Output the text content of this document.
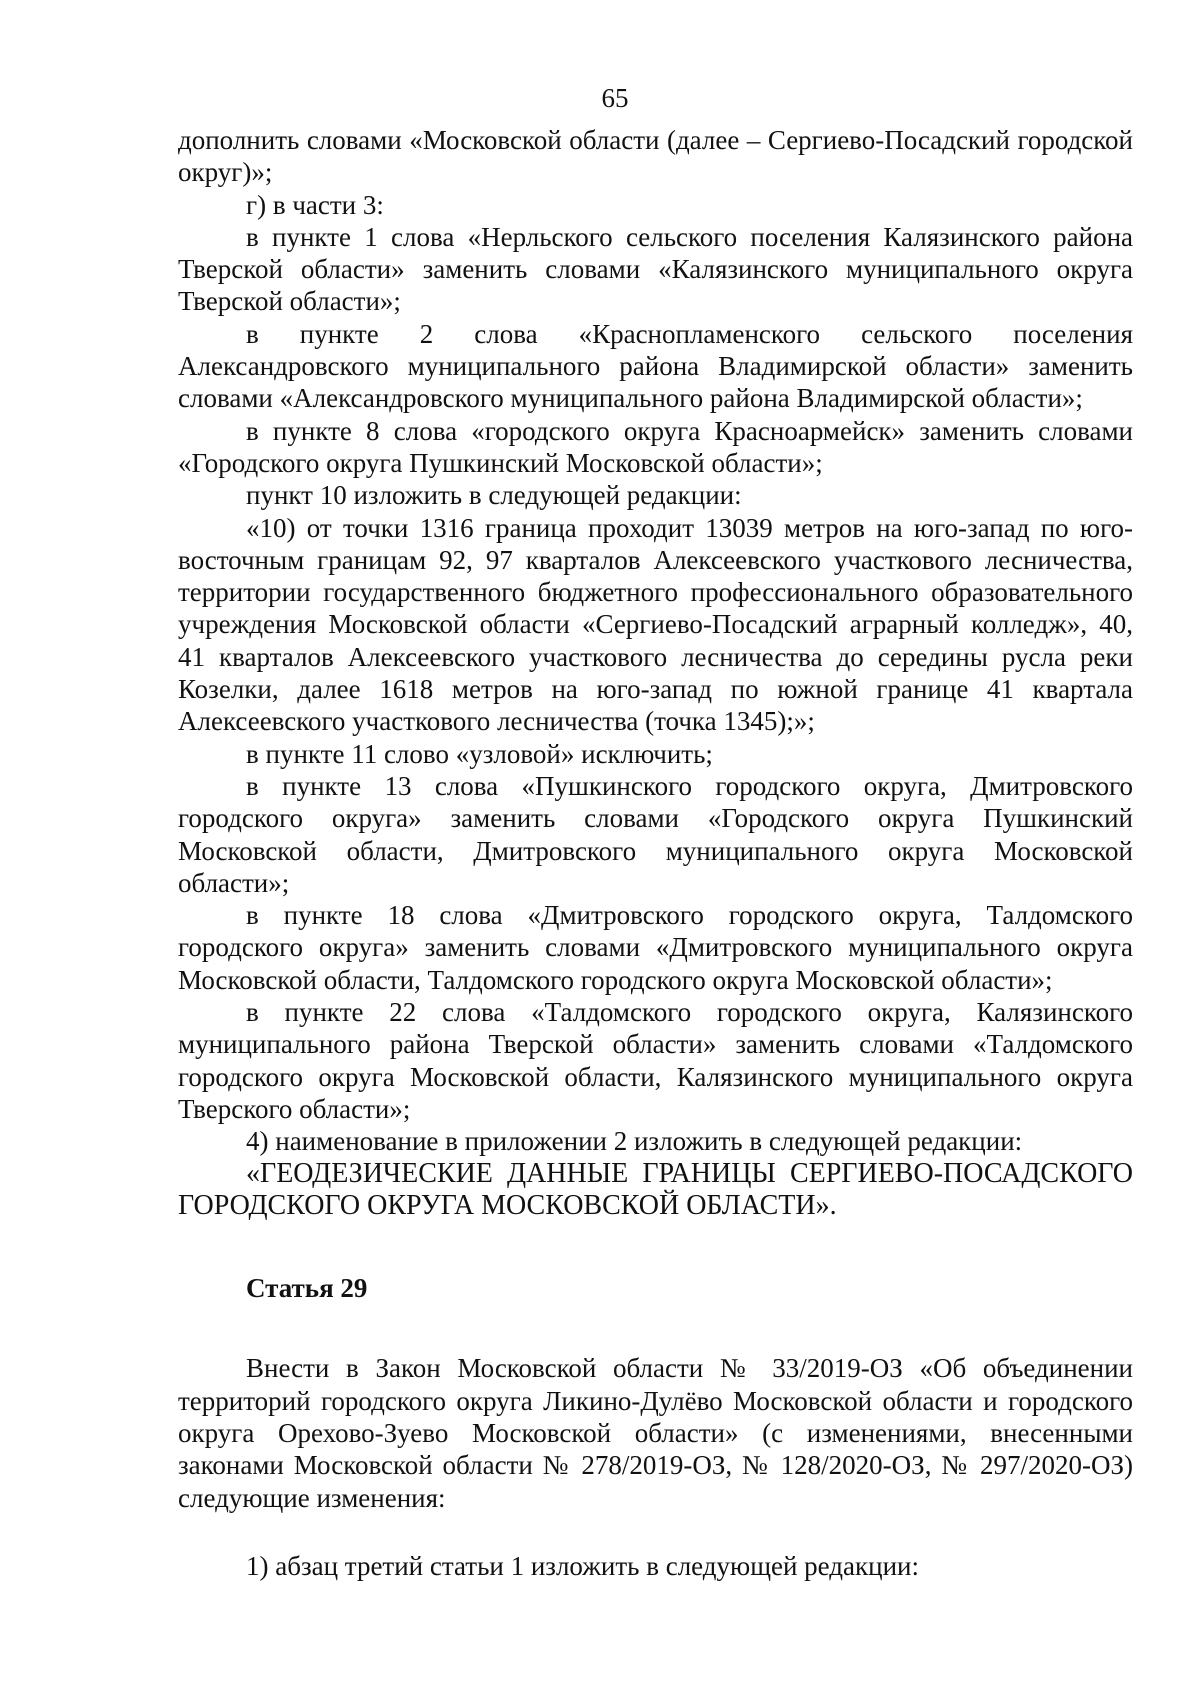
65

дополнить словами «Московской области (далее – Сергиево-Посадский городской округ)»;

г) в части 3:

в пункте 1 слова «Нерльского сельского поселения Калязинского района Тверской области» заменить словами «Калязинского муниципального округа Тверской области»;

в пункте 2 слова «Краснопламенского сельского поселения Александровского муниципального района Владимирской области» заменить словами «Александровского муниципального района Владимирской области»;

в пункте 8 слова «городского округа Красноармейск» заменить словами «Городского округа Пушкинский Московской области»;

пункт 10 изложить в следующей редакции:

«10) от точки 1316 граница проходит 13039 метров на юго-запад по юго-восточным границам 92, 97 кварталов Алексеевского участкового лесничества, территории государственного бюджетного профессионального образовательного учреждения Московской области «Сергиево-Посадский аграрный колледж», 40, 41 кварталов Алексеевского участкового лесничества до середины русла реки Козелки, далее 1618 метров на юго-запад по южной границе 41 квартала Алексеевского участкового лесничества (точка 1345);»;

в пункте 11 слово «узловой» исключить;

в пункте 13 слова «Пушкинского городского округа, Дмитровского городского округа» заменить словами «Городского округа Пушкинский Московской области, Дмитровского муниципального округа Московской области»;

в пункте 18 слова «Дмитровского городского округа, Талдомского городского округа» заменить словами «Дмитровского муниципального округа Московской области, Талдомского городского округа Московской области»;

в пункте 22 слова «Талдомского городского округа, Калязинского муниципального района Тверской области» заменить словами «Талдомского городского округа Московской области, Калязинского муниципального округа Тверского области»;

4) наименование в приложении 2 изложить в следующей редакции:

«ГЕОДЕЗИЧЕСКИЕ ДАННЫЕ ГРАНИЦЫ СЕРГИЕВО-ПОСАДСКОГО ГОРОДСКОГО ОКРУГА МОСКОВСКОЙ ОБЛАСТИ».

Статья 29

Внести в Закон Московской области № 33/2019-ОЗ «Об объединении территорий городского округа Ликино-Дулёво Московской области и городского округа Орехово-Зуево Московской области» (с изменениями, внесенными законами Московской области № 278/2019-ОЗ, № 128/2020-ОЗ, № 297/2020-ОЗ) следующие изменения:

1) абзац третий статьи 1 изложить в следующей редакции:
